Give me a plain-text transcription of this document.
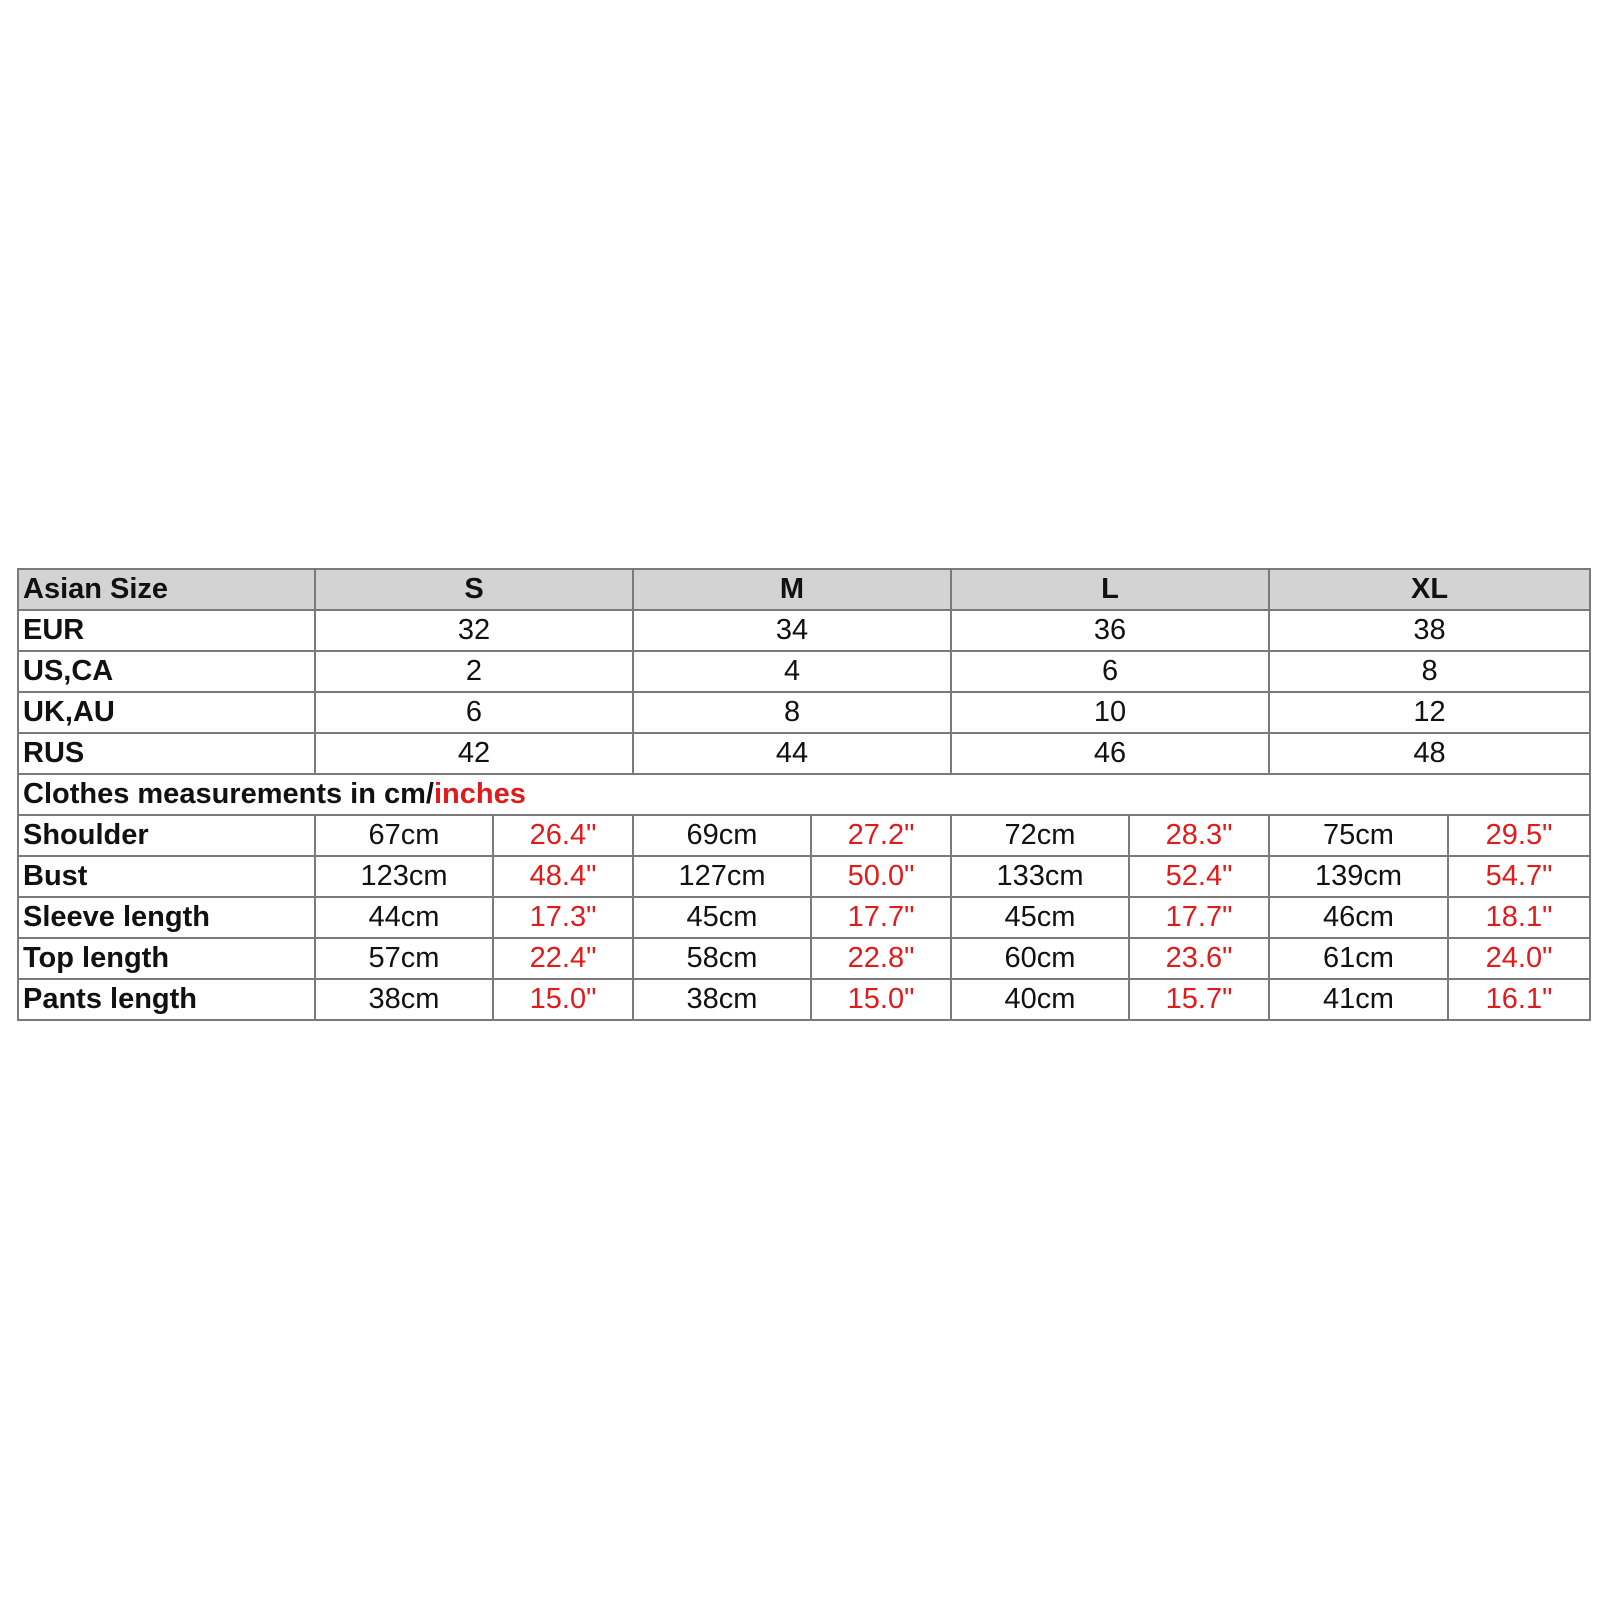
Asian Size	S		M		L		XL	
EUR	32		34		36		38	
US,CA	2		4		6		8	
UK,AU	6		8		10		12	
RUS	42		44		46		48	
Clothes measurements in cm/inches								
Shoulder	67cm	26.4"	69cm	27.2"	72cm	28.3"	75cm	29.5"
Bust	123cm	48.4"	127cm	50.0"	133cm	52.4"	139cm	54.7"
Sleeve length	44cm	17.3"	45cm	17.7"	45cm	17.7"	46cm	18.1"
Top length	57cm	22.4"	58cm	22.8"	60cm	23.6"	61cm	24.0"
Pants length	38cm	15.0"	38cm	15.0"	40cm	15.7"	41cm	16.1"
